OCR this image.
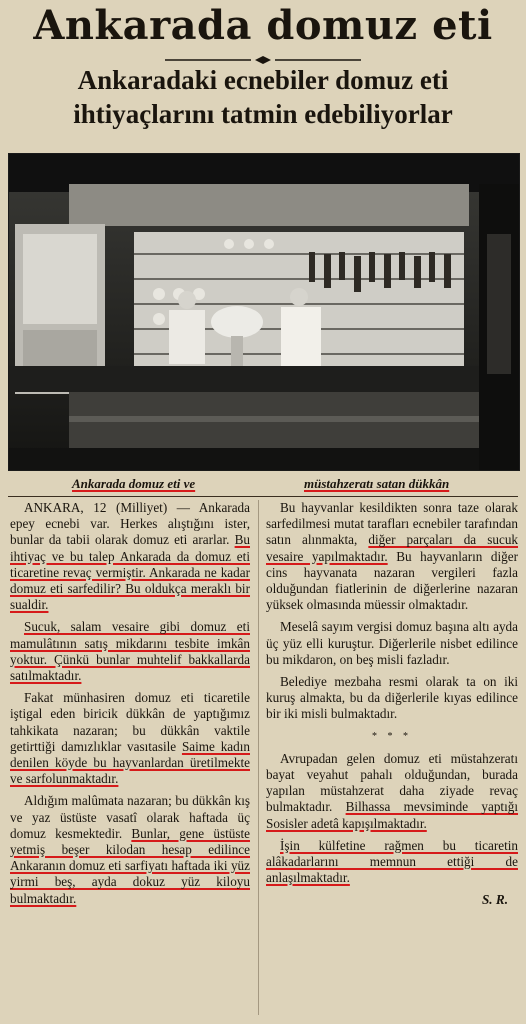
Ankarada domuz eti
Ankaradaki ecnebiler domuz eti ihtiyaçlarını tatmin edebiliyorlar
Ankarada domuz eti ve	müstahzeratı satan dükkân

ANKARA, 12 (Milliyet) — Ankarada epey ecnebi var. Herkes alıştığını ister, bunlar da tabii olarak domuz eti ararlar. Bu ihtiyaç ve bu talep Ankarada da domuz eti ticaretine revaç vermiştir. Ankarada ne kadar domuz eti sarfedilir? Bu oldukça meraklı bir sualdir.

Sucuk, salam vesaire gibi domuz eti mamulâtının satış mikdarını tesbite imkân yoktur. Çünkü bunlar muhtelif bakkallarda satılmaktadır.

Fakat münhasiren domuz eti ticaretile iştigal eden biricik dükkân de yaptığımız tahkikata nazaran; bu dükkân vaktile getirttiği damızlıklar vasıtasile Saime kadın denilen köyde bu hayvanlardan üretilmekte ve sarfolunmaktadır.

Aldığım malûmata nazaran; bu dükkân kış ve yaz üstüste vasatî olarak haftada üç domuz kesmektedir. Bunlar, gene üstüste yetmiş beşer kilodan hesap edilince Ankaranın domuz eti sarfiyatı haftada iki yüz yirmi beş, ayda dokuz yüz kiloyu bulmaktadır.

Bu hayvanlar kesildikten sonra taze olarak sarfedilmesi mutat tarafları ecnebiler tarafından satın alınmakta, diğer parçaları da sucuk vesaire yapılmaktadır. Bu hayvanların diğer cins hayvanata nazaran vergileri fazla olduğundan fiatlerinin de diğerlerine nazaran yüksek olmasında müessir olmaktadır.

Meselâ sayım vergisi domuz başına altı ayda üç yüz elli kuruştur. Diğerlerile nisbet edilince bu mikdaron, on beş misli fazladır.

Belediye mezbaha resmi olarak ta on iki kuruş almakta, bu da diğerlerile kıyas edilince bir iki misli bulmaktadır.

* * *

Avrupadan gelen domuz eti müstahzeratı bayat veyahut pahalı olduğundan, burada yapılan müstahzerat daha ziyade revaç bulmaktadır. Bilhassa mevsiminde yaptığı Sosisler adetâ kapışılmaktadır.

İşin külfetine rağmen bu ticaretin alâkadarlarını memnun ettiği de anlaşılmaktadır.

S. R.
